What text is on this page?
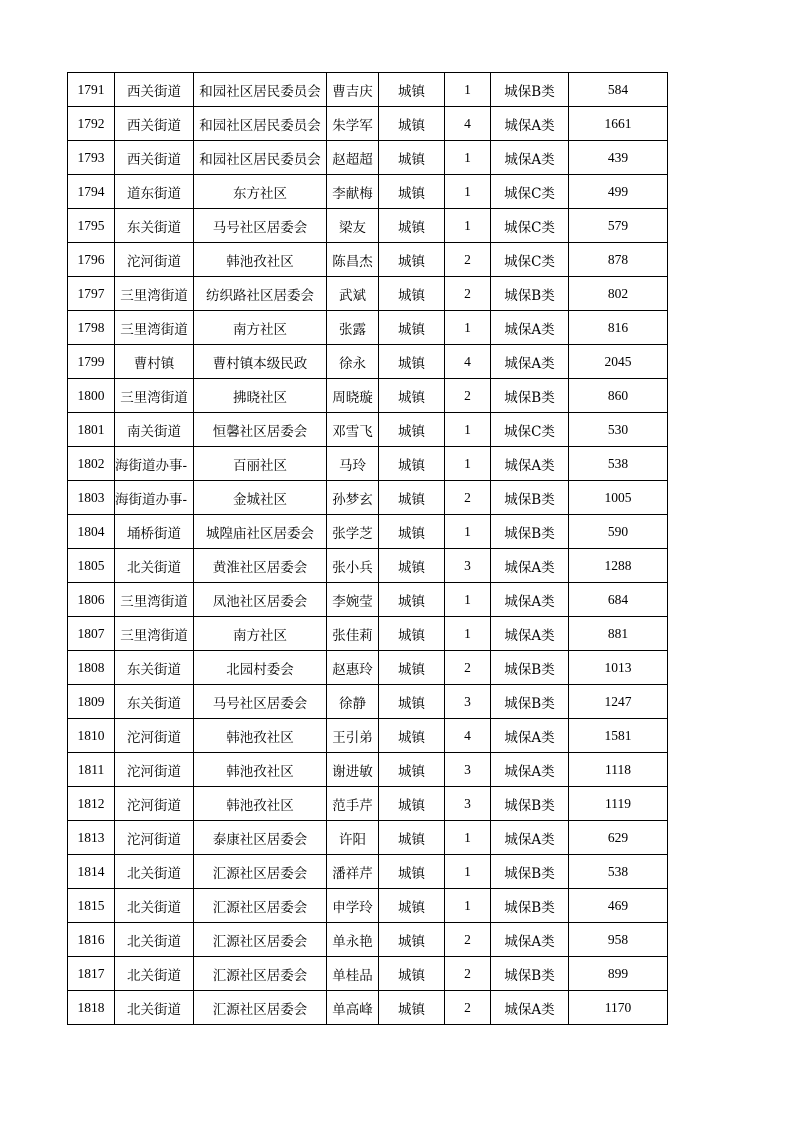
1791	西关街道	和园社区居民委员会	曹吉庆	城镇	1	城保B类	584

1792	西关街道	和园社区居民委员会	朱学军	城镇	4	城保A类	1661

1793	西关街道	和园社区居民委员会	赵超超	城镇	1	城保A类	439

1794	道东街道	东方社区	李献梅	城镇	1	城保C类	499

1795	东关街道	马号社区居委会	梁友	城镇	1	城保C类	579

1796	沱河街道	韩池孜社区	陈昌杰	城镇	2	城保C类	878

1797	三里湾街道	纺织路社区居委会	武斌	城镇	2	城保B类	802

1798	三里湾街道	南方社区	张露	城镇	1	城保A类	816

1799	曹村镇	曹村镇本级民政	徐永	城镇	4	城保A类	2045

1800	三里湾街道	拂晓社区	周晓璇	城镇	2	城保B类	860

1801	南关街道	恒馨社区居委会	邓雪飞	城镇	1	城保C类	530

1802	-海街道办事	百丽社区	马玲	城镇	1	城保A类	538

1803	-海街道办事	金城社区	孙梦玄	城镇	2	城保B类	1005

1804	埇桥街道	城隍庙社区居委会	张学芝	城镇	1	城保B类	590

1805	北关街道	黄淮社区居委会	张小兵	城镇	3	城保A类	1288

1806	三里湾街道	凤池社区居委会	李婉莹	城镇	1	城保A类	684

1807	三里湾街道	南方社区	张佳莉	城镇	1	城保A类	881

1808	东关街道	北园村委会	赵惠玲	城镇	2	城保B类	1013

1809	东关街道	马号社区居委会	徐静	城镇	3	城保B类	1247

1810	沱河街道	韩池孜社区	王引弟	城镇	4	城保A类	1581

1811	沱河街道	韩池孜社区	谢进敏	城镇	3	城保A类	1118

1812	沱河街道	韩池孜社区	范手芹	城镇	3	城保B类	1119

1813	沱河街道	泰康社区居委会	许阳	城镇	1	城保A类	629

1814	北关街道	汇源社区居委会	潘祥芹	城镇	1	城保B类	538

1815	北关街道	汇源社区居委会	申学玲	城镇	1	城保B类	469

1816	北关街道	汇源社区居委会	单永艳	城镇	2	城保A类	958

1817	北关街道	汇源社区居委会	单桂品	城镇	2	城保B类	899

1818	北关街道	汇源社区居委会	单高峰	城镇	2	城保A类	1170
